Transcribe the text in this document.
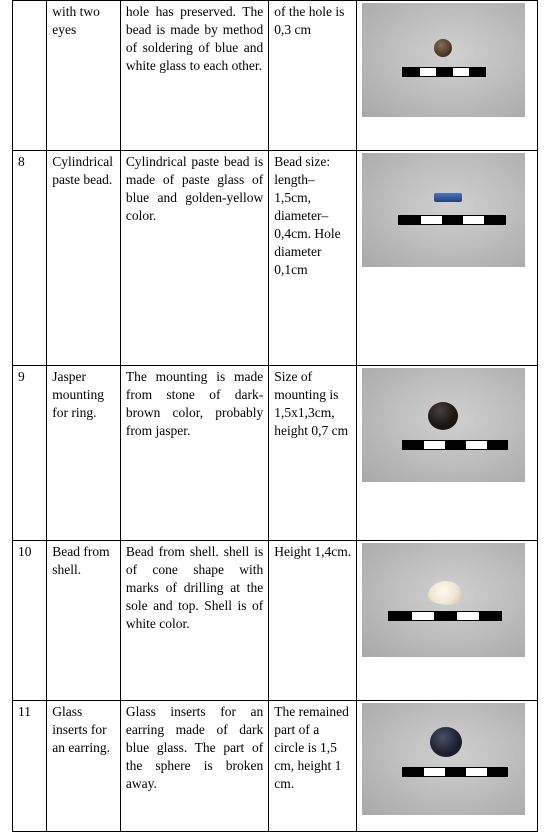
	with two eyes	hole has preserved. The bead is made by method of soldering of blue and white glass to each other.	of the hole is 0,3 cm	

8	Cylindrical paste bead.	Cylindrical paste bead is made of paste glass of blue and golden-yellow color.	Bead size: length– 1,5cm, diameter– 0,4cm. Hole diameter 0,1cm	

9	Jasper mounting for ring.	The mounting is made from stone of dark-brown color, probably from jasper.	Size of mounting is 1,5x1,3cm, height 0,7 cm	

10	Bead from shell.	Bead from shell. shell is of cone shape with marks of drilling at the sole and top. Shell is of white color.	Height 1,4cm.	

11	Glass inserts for an earring.	Glass inserts for an earring made of dark blue glass. The part of the sphere is broken away.	The remained part of a circle is 1,5 cm, height 1 cm.	
